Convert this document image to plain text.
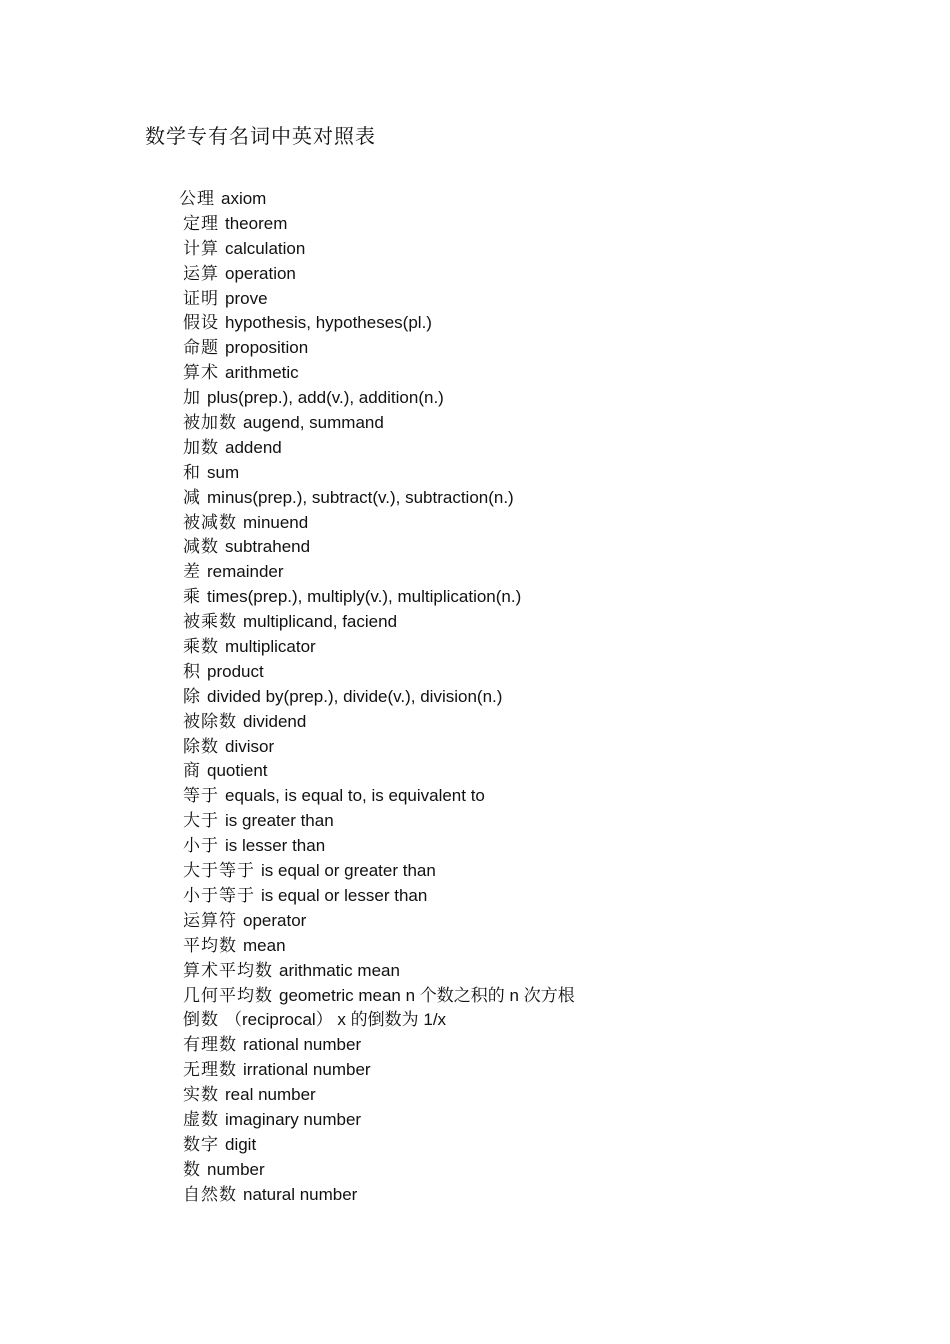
数学专有名词中英对照表
公理 axiom
定理 theorem
计算 calculation
运算 operation
证明 prove
假设 hypothesis, hypotheses(pl.)
命题 proposition
算术 arithmetic
加 plus(prep.), add(v.), addition(n.)
被加数 augend, summand
加数 addend
和 sum
减 minus(prep.), subtract(v.), subtraction(n.)
被减数 minuend
减数 subtrahend
差 remainder
乘 times(prep.), multiply(v.), multiplication(n.)
被乘数 multiplicand, faciend
乘数 multiplicator
积 product
除 divided by(prep.), divide(v.), division(n.)
被除数 dividend
除数 divisor
商 quotient
等于 equals, is equal to, is equivalent to
大于 is greater than
小于 is lesser than
大于等于 is equal or greater than
小于等于 is equal or lesser than
运算符 operator
平均数 mean
算术平均数 arithmatic mean
几何平均数 geometric mean n 个数之积的 n 次方根
倒数 （reciprocal） x 的倒数为 1/x
有理数 rational number
无理数 irrational number
实数 real number
虚数 imaginary number
数字 digit
数 number
自然数 natural number
